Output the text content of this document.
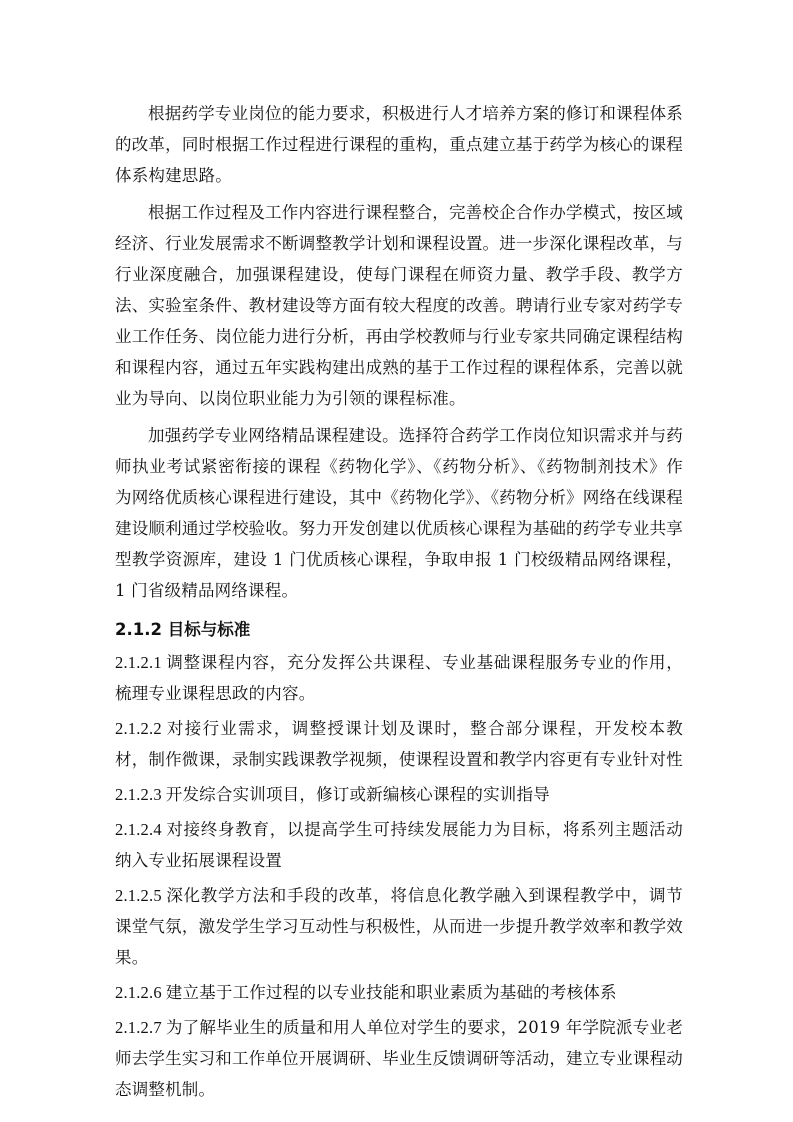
根据药学专业岗位的能力要求，积极进行人才培养方案的修订和课程体系的改革，同时根据工作过程进行课程的重构，重点建立基于药学为核心的课程体系构建思路。

根据工作过程及工作内容进行课程整合，完善校企合作办学模式，按区域经济、行业发展需求不断调整教学计划和课程设置。进一步深化课程改革，与行业深度融合，加强课程建设，使每门课程在师资力量、教学手段、教学方法、实验室条件、教材建设等方面有较大程度的改善。聘请行业专家对药学专业工作任务、岗位能力进行分析，再由学校教师与行业专家共同确定课程结构和课程内容，通过五年实践构建出成熟的基于工作过程的课程体系，完善以就业为导向、以岗位职业能力为引领的课程标准。

加强药学专业网络精品课程建设。选择符合药学工作岗位知识需求并与药师执业考试紧密衔接的课程《药物化学》、《药物分析》、《药物制剂技术》作为网络优质核心课程进行建设，其中《药物化学》、《药物分析》网络在线课程建设顺利通过学校验收。努力开发创建以优质核心课程为基础的药学专业共享型教学资源库，建设 1 门优质核心课程，争取申报 1 门校级精品网络课程，1 门省级精品网络课程。

2.1.2 目标与标准

2.1.2.1 调整课程内容，充分发挥公共课程、专业基础课程服务专业的作用，梳理专业课程思政的内容。

2.1.2.2 对接行业需求，调整授课计划及课时，整合部分课程，开发校本教材，制作微课，录制实践课教学视频，使课程设置和教学内容更有专业针对性

2.1.2.3 开发综合实训项目，修订或新编核心课程的实训指导

2.1.2.4 对接终身教育，以提高学生可持续发展能力为目标，将系列主题活动纳入专业拓展课程设置

2.1.2.5 深化教学方法和手段的改革，将信息化教学融入到课程教学中，调节课堂气氛，激发学生学习互动性与积极性，从而进一步提升教学效率和教学效果。

2.1.2.6 建立基于工作过程的以专业技能和职业素质为基础的考核体系

2.1.2.7 为了解毕业生的质量和用人单位对学生的要求，2019 年学院派专业老师去学生实习和工作单位开展调研、毕业生反馈调研等活动，建立专业课程动态调整机制。
